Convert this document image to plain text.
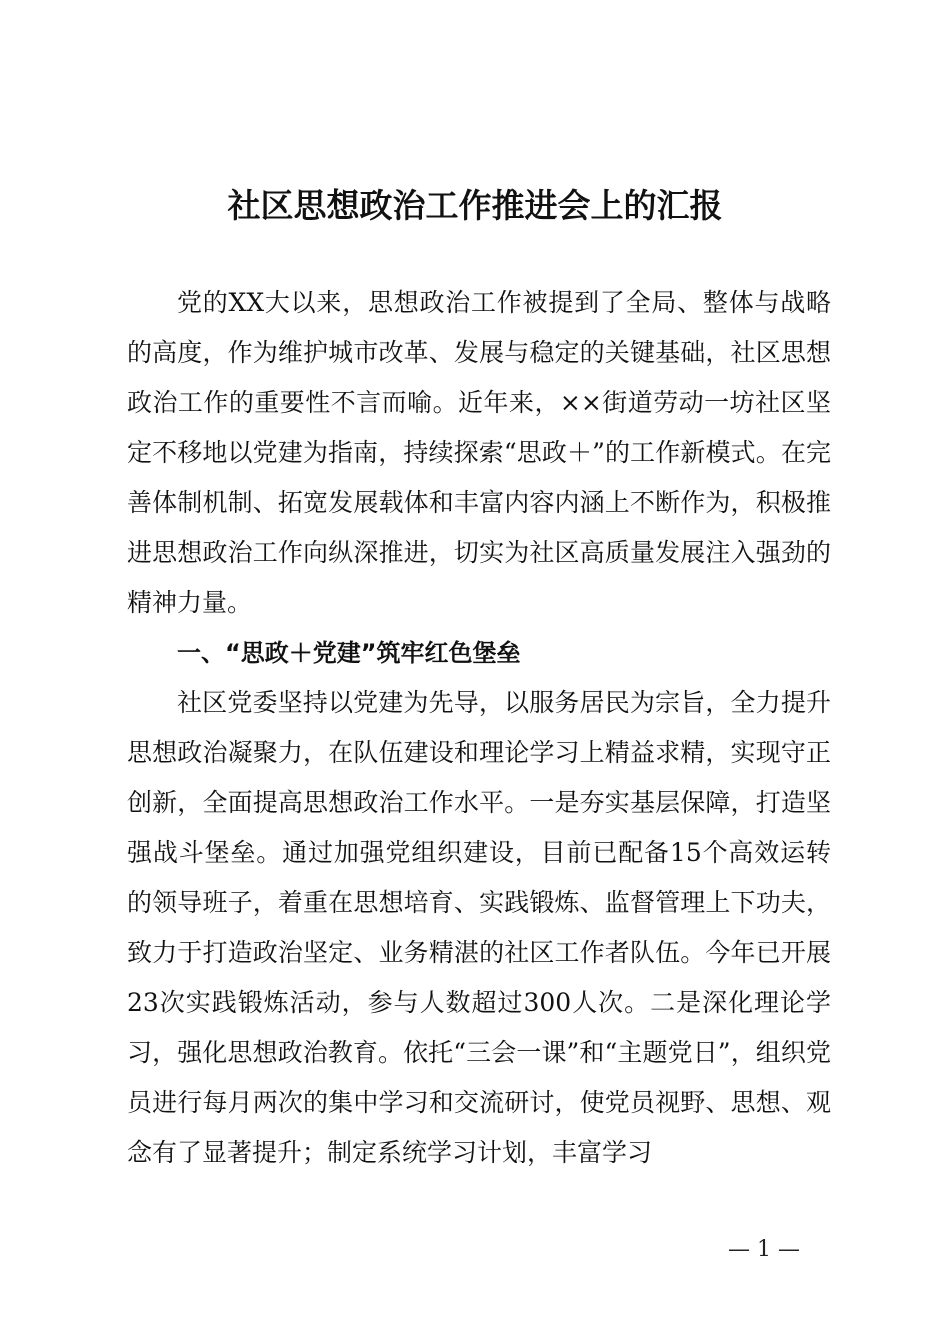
社区思想政治工作推进会上的汇报

党的XX大以来，思想政治工作被提到了全局、整体与战略的高度，作为维护城市改革、发展与稳定的关键基础，社区思想政治工作的重要性不言而喻。近年来，××街道劳动一坊社区坚定不移地以党建为指南，持续探索“思政＋”的工作新模式。在完善体制机制、拓宽发展载体和丰富内容内涵上不断作为，积极推进思想政治工作向纵深推进，切实为社区高质量发展注入强劲的精神力量。

一、“思政＋党建”筑牢红色堡垒

社区党委坚持以党建为先导，以服务居民为宗旨，全力提升思想政治凝聚力，在队伍建设和理论学习上精益求精，实现守正创新，全面提高思想政治工作水平。一是夯实基层保障，打造坚强战斗堡垒。通过加强党组织建设，目前已配备15个高效运转的领导班子，着重在思想培育、实践锻炼、监督管理上下功夫，致力于打造政治坚定、业务精湛的社区工作者队伍。今年已开展23次实践锻炼活动，参与人数超过300人次。二是深化理论学习，强化思想政治教育。依托“三会一课”和“主题党日”，组织党员进行每月两次的集中学习和交流研讨，使党员视野、思想、观念有了显著提升；制定系统学习计划，丰富学习

— 1 —
